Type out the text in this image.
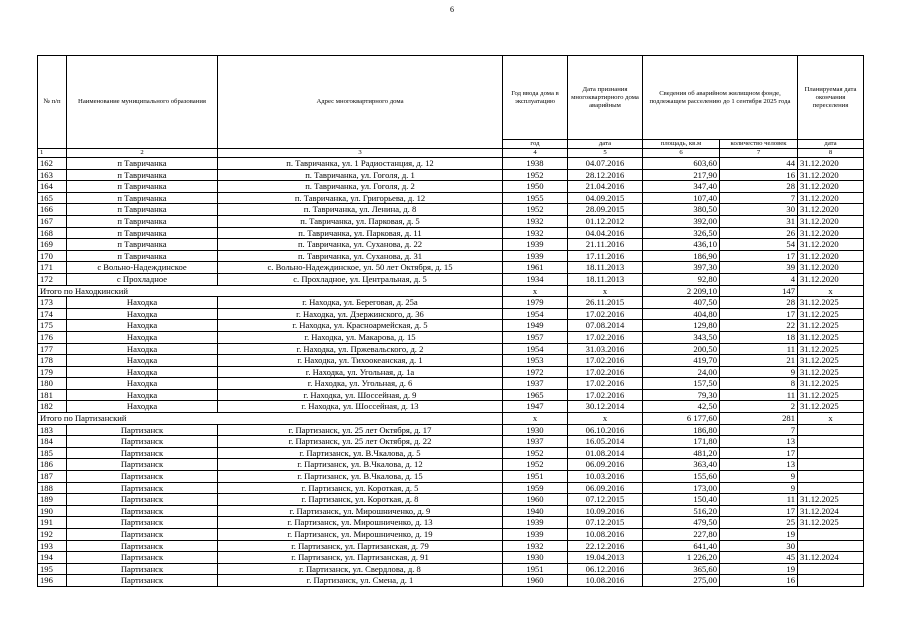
6
№ п/п	Наименование муниципального образования	Адрес многоквартирного дома	Год ввода дома в эксплуатацию	Дата признания многоквартирного дома аварийным	Сведения об аварийном жилищном фонде, подлежащем расселению до 1 сентября 2025 года		Планируемая дата окончания переселения
			год	дата	площадь, кв.м	количество человек	дата
1	2	3	4	5	6	7	8
162	п Тавричанка	п. Тавричанка, ул. 1 Радиостанция, д. 12	1938	04.07.2016	603,60	44	31.12.2020
163	п Тавричанка	п. Тавричанка, ул. Гоголя, д. 1	1952	28.12.2016	217,90	16	31.12.2020
164	п Тавричанка	п. Тавричанка, ул. Гоголя, д. 2	1950	21.04.2016	347,40	28	31.12.2020
165	п Тавричанка	п. Тавричанка, ул. Григорьева, д. 12	1955	04.09.2015	107,40	7	31.12.2020
166	п Тавричанка	п. Тавричанка, ул. Ленина, д. 8	1952	28.09.2015	380,50	30	31.12.2020
167	п Тавричанка	п. Тавричанка, ул. Парковая, д. 5	1932	01.12.2012	392,00	31	31.12.2020
168	п Тавричанка	п. Тавричанка, ул. Парковая, д. 11	1932	04.04.2016	326,50	26	31.12.2020
169	п Тавричанка	п. Тавричанка, ул. Суханова, д. 22	1939	21.11.2016	436,10	54	31.12.2020
170	п Тавричанка	п. Тавричанка, ул. Суханова, д. 31	1939	17.11.2016	186,90	17	31.12.2020
171	с Вольно-Надеждинское	с. Вольно-Надеждинское, ул. 50 лет Октября, д. 15	1961	18.11.2013	397,30	39	31.12.2020
172	с Прохладное	с. Прохладное, ул. Центральная, д. 5	1934	18.11.2013	92,80	4	31.12.2020
Итого по Находкинский			x	x	2 209,10	147	x
173	Находка	г. Находка, ул. Береговая, д. 25а	1979	26.11.2015	407,50	28	31.12.2025
174	Находка	г. Находка, ул. Дзержинского, д. 36	1954	17.02.2016	404,80	17	31.12.2025
175	Находка	г. Находка, ул. Красноармейская, д. 5	1949	07.08.2014	129,80	22	31.12.2025
176	Находка	г. Находка, ул. Макарова, д. 15	1957	17.02.2016	343,50	18	31.12.2025
177	Находка	г. Находка, ул. Пржевальского, д. 2	1954	31.03.2016	200,50	11	31.12.2025
178	Находка	г. Находка, ул. Тихоокеанская, д. 1	1953	17.02.2016	419,70	21	31.12.2025
179	Находка	г. Находка, ул. Угольная, д. 1а	1972	17.02.2016	24,00	9	31.12.2025
180	Находка	г. Находка, ул. Угольная, д. 6	1937	17.02.2016	157,50	8	31.12.2025
181	Находка	г. Находка, ул. Шоссейная, д. 9	1965	17.02.2016	79,30	11	31.12.2025
182	Находка	г. Находка, ул. Шоссейная, д. 13	1947	30.12.2014	42,50	2	31.12.2025
Итого по Партизанский			x	x	6 177,60	281	x
183	Партизанск	г. Партизанск, ул. 25 лет Октября, д. 17	1930	06.10.2016	186,80	7	
184	Партизанск	г. Партизанск, ул. 25 лет Октября, д. 22	1937	16.05.2014	171,80	13	
185	Партизанск	г. Партизанск, ул. В.Чкалова, д. 5	1952	01.08.2014	481,20	17	
186	Партизанск	г. Партизанск, ул. В.Чкалова, д. 12	1952	06.09.2016	363,40	13	
187	Партизанск	г. Партизанск, ул. В.Чкалова, д. 15	1951	10.03.2016	155,60	9	
188	Партизанск	г. Партизанск, ул. Короткая, д. 5	1959	06.09.2016	173,00	9	
189	Партизанск	г. Партизанск, ул. Короткая, д. 8	1960	07.12.2015	150,40	11	31.12.2025
190	Партизанск	г. Партизанск, ул. Мирошниченко, д. 9	1940	10.09.2016	516,20	17	31.12.2024
191	Партизанск	г. Партизанск, ул. Мирошниченко, д. 13	1939	07.12.2015	479,50	25	31.12.2025
192	Партизанск	г. Партизанск, ул. Мирошниченко, д. 19	1939	10.08.2016	227,80	19	
193	Партизанск	г. Партизанск, ул. Партизанская, д. 79	1932	22.12.2016	641,40	30	
194	Партизанск	г. Партизанск, ул. Партизанская, д. 91	1930	19.04.2013	1 226,20	45	31.12.2024
195	Партизанск	г. Партизанск, ул. Свердлова, д. 8	1951	06.12.2016	365,60	19	
196	Партизанск	г. Партизанск, ул. Смена, д. 1	1960	10.08.2016	275,00	16	
